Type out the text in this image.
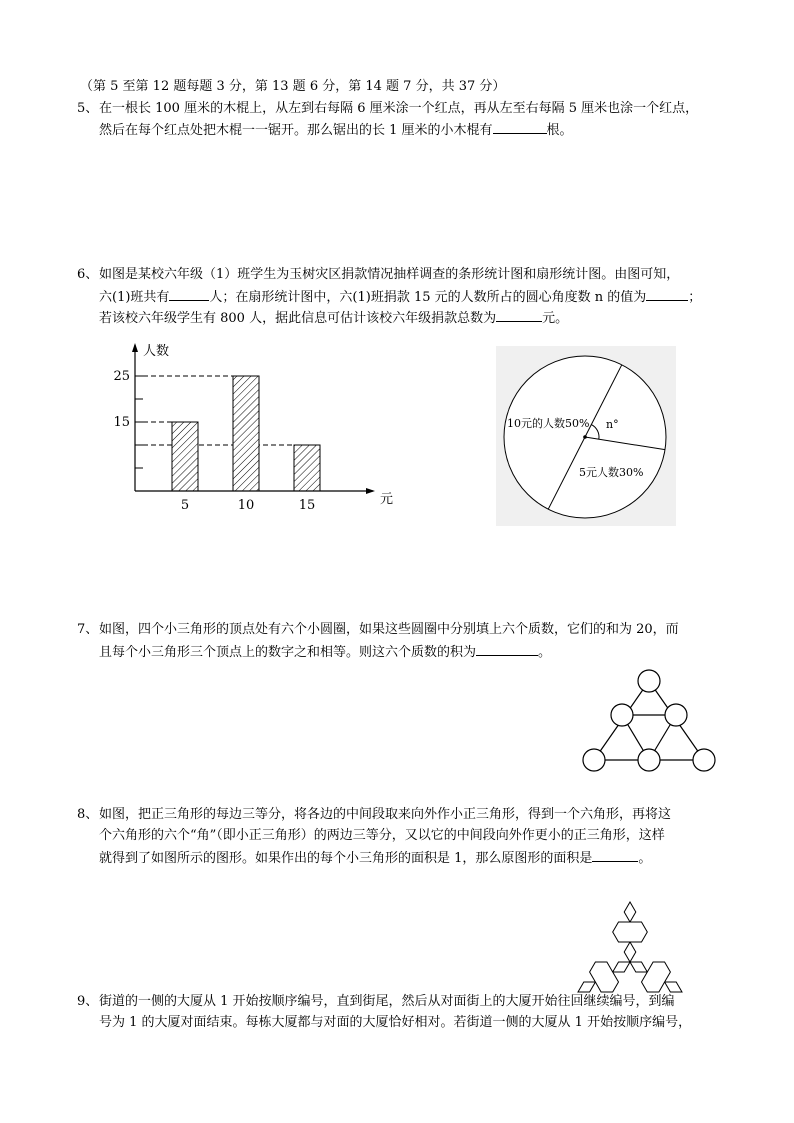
（第 5 至第 12 题每题 3 分，第 13 题 6 分，第 14 题 7 分，共 37 分）
5、 在一根长 100 厘米的木棍上，从左到右每隔 6 厘米涂一个红点，再从左至右每隔 5 厘米也涂一个红点，
然后在每个红点处把木棍一一锯开。那么锯出的长 1 厘米的小木棍有	根。
6、 如图是某校六年级（1）班学生为玉树灾区捐款情况抽样调查的条形统计图和扇形统计图。由图可知，
六(1)班共有	人；在扇形统计图中，六(1)班捐款 15 元的人数所占的圆心角度数 n 的值为	；
若该校六年级学生有 800 人，据此信息可估计该校六年级捐款总数为	元。
15
25
5	10	15
人数
元
10元的人数50% n°
5元人数30%
7、 如图，四个小三角形的顶点处有六个小圆圈，如果这些圆圈中分别填上六个质数，它们的和为 20，而
且每个小三角形三个顶点上的数字之和相等。则这六个质数的积为	。
8、 如图，把正三角形的每边三等分，将各边的中间段取来向外作小正三角形，得到一个六角形，再将这
个六角形的六个“角”（即小正三角形）的两边三等分，又以它的中间段向外作更小的正三角形，这样
就得到了如图所示的图形。如果作出的每个小三角形的面积是 1，那么原图形的面积是	。
9、 街道的一侧的大厦从 1 开始按顺序编号，直到街尾，然后从对面街上的大厦开始往回继续编号，到编
号为 1 的大厦对面结束。每栋大厦都与对面的大厦恰好相对。若街道一侧的大厦从 1 开始按顺序编号，
